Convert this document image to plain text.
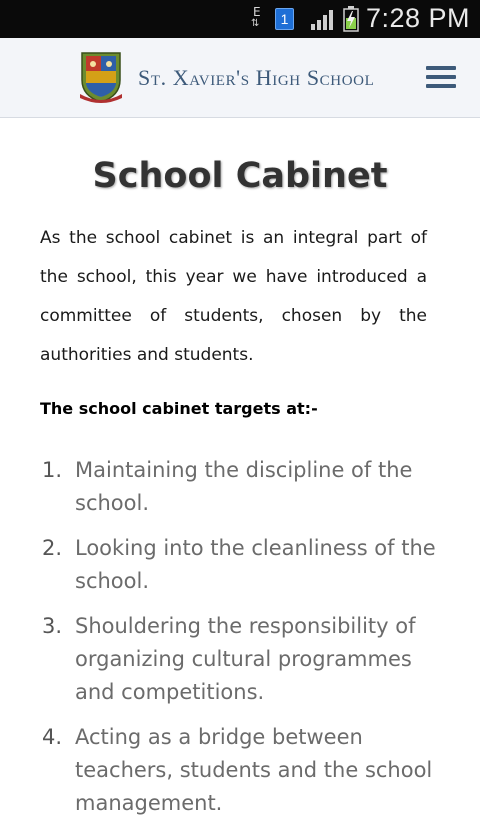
E
⇅	1	7:28 PM
St. Xavier's High School
School Cabinet

As the school cabinet is an integral part of the school, this year we have introduced a committee of students, chosen by the authorities and students.

The school cabinet targets at:-
1. Maintaining the discipline of the school.
2. Looking into the cleanliness of the school.
3. Shouldering the responsibility of organizing cultural programmes and competitions.
4. Acting as a bridge between teachers, students and the school management.
